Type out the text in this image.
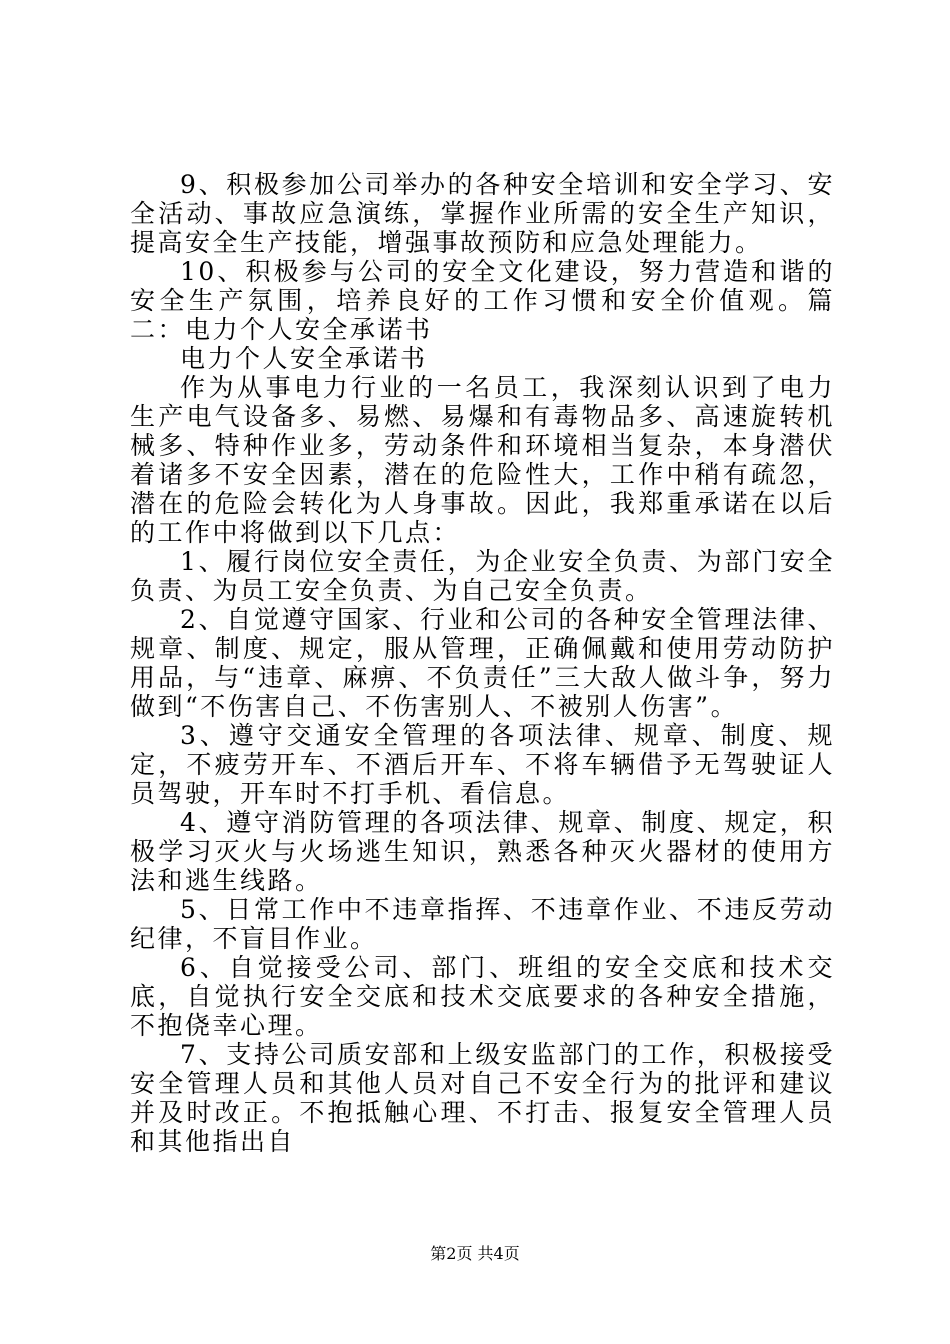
9、积极参加公司举办的各种安全培训和安全学习、安全活动、事故应急演练，掌握作业所需的安全生产知识，提高安全生产技能，增强事故预防和应急处理能力。

10、积极参与公司的安全文化建设，努力营造和谐的安全生产氛围，培养良好的工作习惯和安全价值观。篇二：电力个人安全承诺书

电力个人安全承诺书

作为从事电力行业的一名员工，我深刻认识到了电力生产电气设备多、易燃、易爆和有毒物品多、高速旋转机械多、特种作业多，劳动条件和环境相当复杂，本身潜伏着诸多不安全因素，潜在的危险性大，工作中稍有疏忽，潜在的危险会转化为人身事故。因此，我郑重承诺在以后的工作中将做到以下几点：

1、履行岗位安全责任，为企业安全负责、为部门安全负责、为员工安全负责、为自己安全负责。

2、自觉遵守国家、行业和公司的各种安全管理法律、规章、制度、规定，服从管理，正确佩戴和使用劳动防护用品，与“违章、麻痹、不负责任”三大敌人做斗争，努力做到“不伤害自己、不伤害别人、不被别人伤害”。

3、遵守交通安全管理的各项法律、规章、制度、规定，不疲劳开车、不酒后开车、不将车辆借予无驾驶证人员驾驶，开车时不打手机、看信息。

4、遵守消防管理的各项法律、规章、制度、规定，积极学习灭火与火场逃生知识，熟悉各种灭火器材的使用方法和逃生线路。

5、日常工作中不违章指挥、不违章作业、不违反劳动纪律，不盲目作业。

6、自觉接受公司、部门、班组的安全交底和技术交底，自觉执行安全交底和技术交底要求的各种安全措施，不抱侥幸心理。

7、支持公司质安部和上级安监部门的工作，积极接受安全管理人员和其他人员对自己不安全行为的批评和建议并及时改正。不抱抵触心理、不打击、报复安全管理人员和其他指出自

第2页 共4页
